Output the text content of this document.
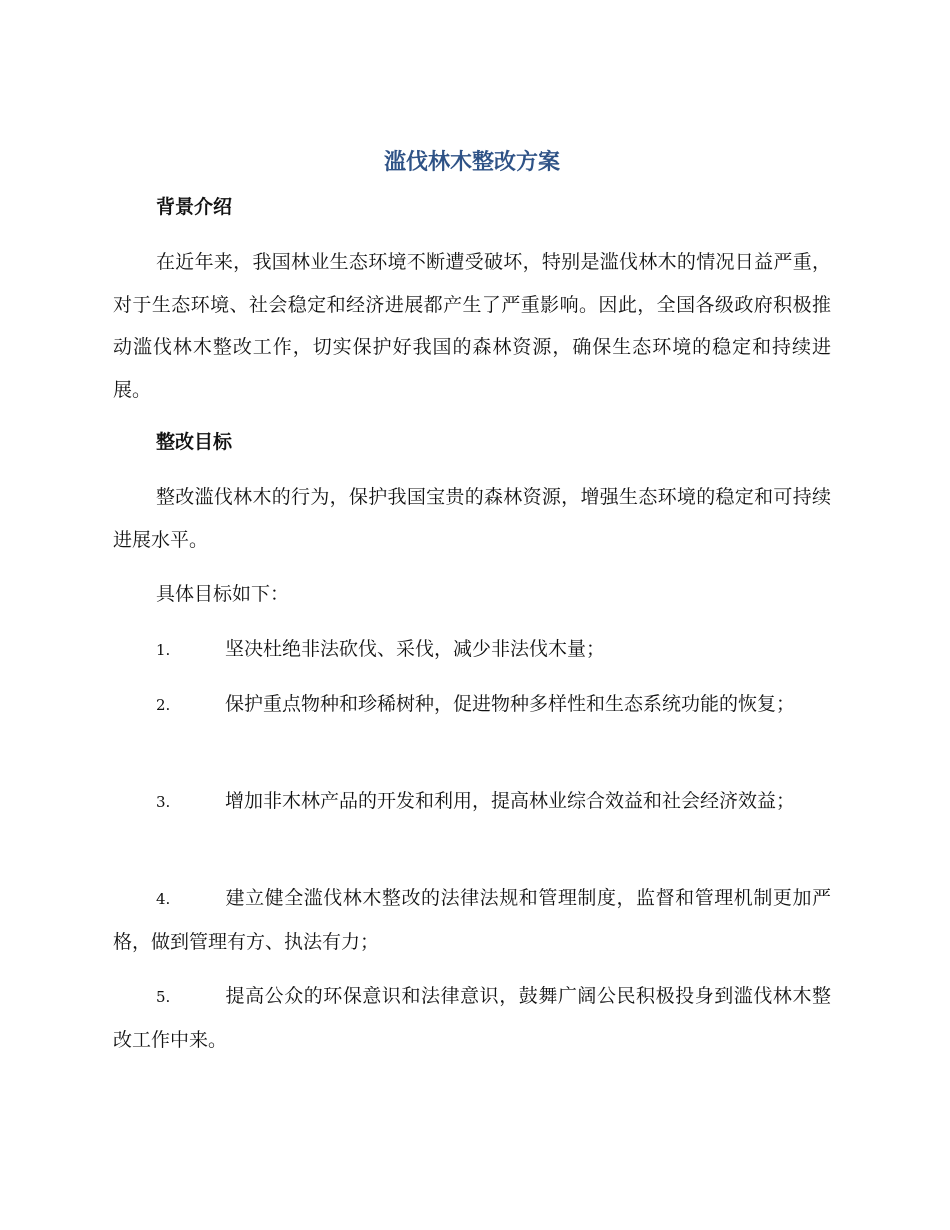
滥伐林木整改方案
背景介绍

在近年来，我国林业生态环境不断遭受破坏，特别是滥伐林木的情况日益严重，对于生态环境、社会稳定和经济进展都产生了严重影响。因此，全国各级政府积极推动滥伐林木整改工作，切实保护好我国的森林资源，确保生态环境的稳定和持续进展。

整改目标

整改滥伐林木的行为，保护我国宝贵的森林资源，增强生态环境的稳定和可持续进展水平。

具体目标如下：

1.	坚决杜绝非法砍伐、采伐，减少非法伐木量；

2.	保护重点物种和珍稀树种，促进物种多样性和生态系统功能的恢复；

3.	增加非木林产品的开发和利用，提高林业综合效益和社会经济效益；

4.	建立健全滥伐林木整改的法律法规和管理制度，监督和管理机制更加严格，做到管理有方、执法有力；

5.	提高公众的环保意识和法律意识，鼓舞广阔公民积极投身到滥伐林木整改工作中来。
